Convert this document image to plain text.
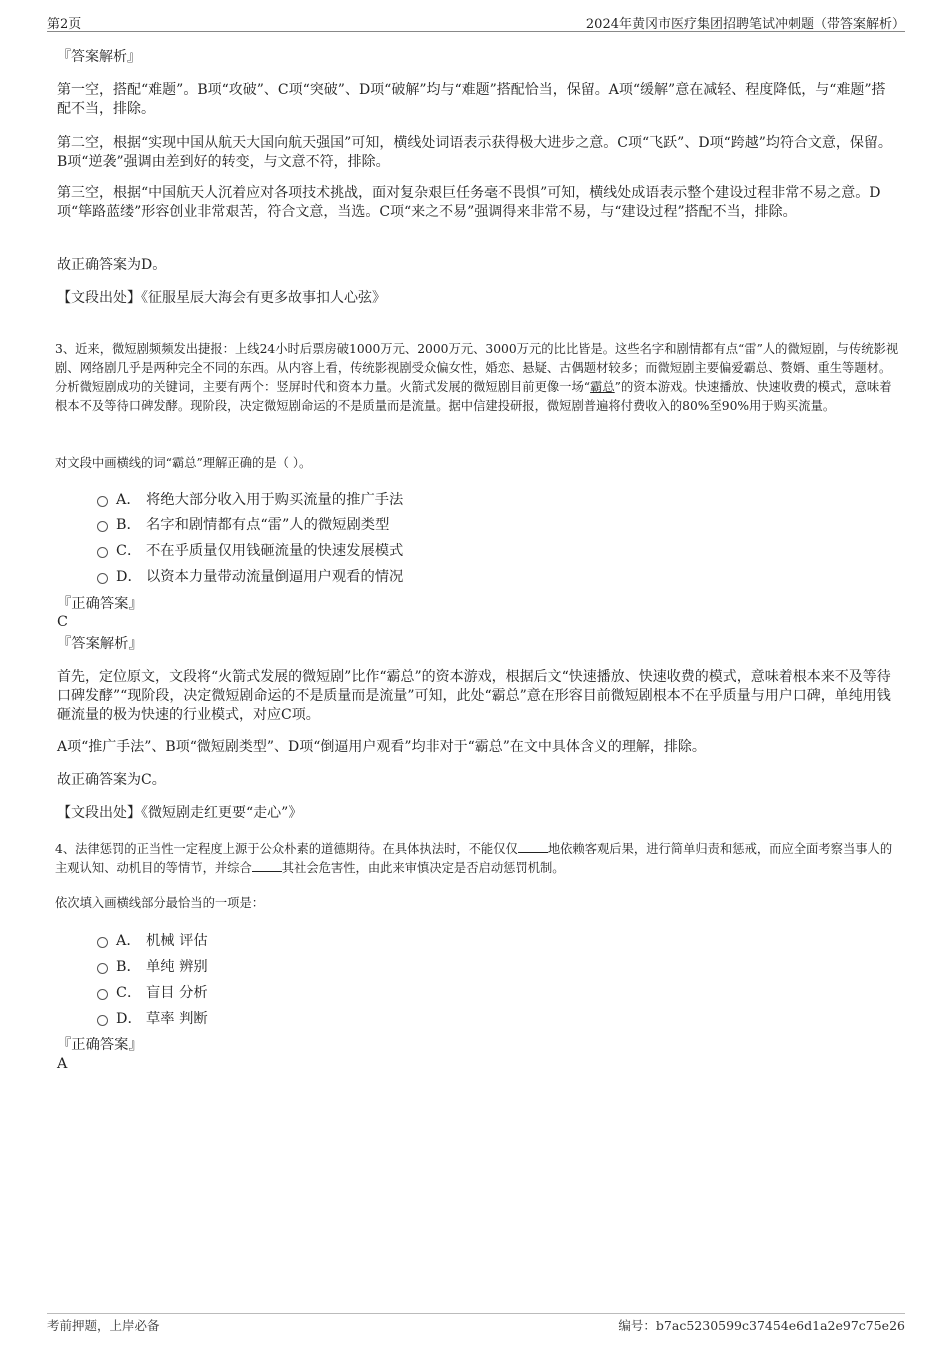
第2页	2024年黄冈市医疗集团招聘笔试冲刺题（带答案解析）
『答案解析』
第一空，搭配“难题”。B项“攻破”、C项“突破”、D项“破解”均与“难题”搭配恰当，保留。A项“缓解”意在减轻、程度降低，与“难题”搭配不当，排除。
第二空，根据“实现中国从航天大国向航天强国”可知，横线处词语表示获得极大进步之意。C项“飞跃”、D项“跨越”均符合文意，保留。B项“逆袭”强调由差到好的转变，与文意不符，排除。
第三空，根据“中国航天人沉着应对各项技术挑战，面对复杂艰巨任务毫不畏惧”可知，横线处成语表示整个建设过程非常不易之意。D项“筚路蓝缕”形容创业非常艰苦，符合文意，当选。C项“来之不易”强调得来非常不易，与“建设过程”搭配不当，排除。
故正确答案为D。
【文段出处】《征服星辰大海会有更多故事扣人心弦》
3、近来，微短剧频频发出捷报：上线24小时后票房破1000万元、2000万元、3000万元的比比皆是。这些名字和剧情都有点“雷”人的微短剧，与传统影视剧、网络剧几乎是两种完全不同的东西。从内容上看，传统影视剧受众偏女性，婚恋、悬疑、古偶题材较多；而微短剧主要偏爱霸总、赘婿、重生等题材。分析微短剧成功的关键词，主要有两个：竖屏时代和资本力量。火箭式发展的微短剧目前更像一场“霸总”的资本游戏。快速播放、快速收费的模式，意味着根本不及等待口碑发酵。现阶段，决定微短剧命运的不是质量而是流量。据中信建投研报，微短剧普遍将付费收入的80%至90%用于购买流量。
对文段中画横线的词“霸总”理解正确的是（ ）。
A． 将绝大部分收入用于购买流量的推广手法
B． 名字和剧情都有点“雷”人的微短剧类型
C． 不在乎质量仅用钱砸流量的快速发展模式
D． 以资本力量带动流量倒逼用户观看的情况
『正确答案』
C
『答案解析』
首先，定位原文，文段将“火箭式发展的微短剧”比作“霸总”的资本游戏，根据后文“快速播放、快速收费的模式，意味着根本来不及等待口碑发酵”“现阶段，决定微短剧命运的不是质量而是流量”可知，此处“霸总”意在形容目前微短剧根本不在乎质量与用户口碑，单纯用钱砸流量的极为快速的行业模式，对应C项。
A项“推广手法”、B项“微短剧类型”、D项“倒逼用户观看”均非对于“霸总”在文中具体含义的理解，排除。
故正确答案为C。
【文段出处】《微短剧走红更要“走心”》
4、法律惩罚的正当性一定程度上源于公众朴素的道德期待。在具体执法时，不能仅仅 地依赖客观后果，进行简单归责和惩戒，而应全面考察当事人的主观认知、动机目的等情节，并综合 其社会危害性，由此来审慎决定是否启动惩罚机制。
依次填入画横线部分最恰当的一项是：
A． 机械 评估
B． 单纯 辨别
C． 盲目 分析
D． 草率 判断
『正确答案』
A
考前押题，上岸必备	编号：b7ac5230599c37454e6d1a2e97c75e26
